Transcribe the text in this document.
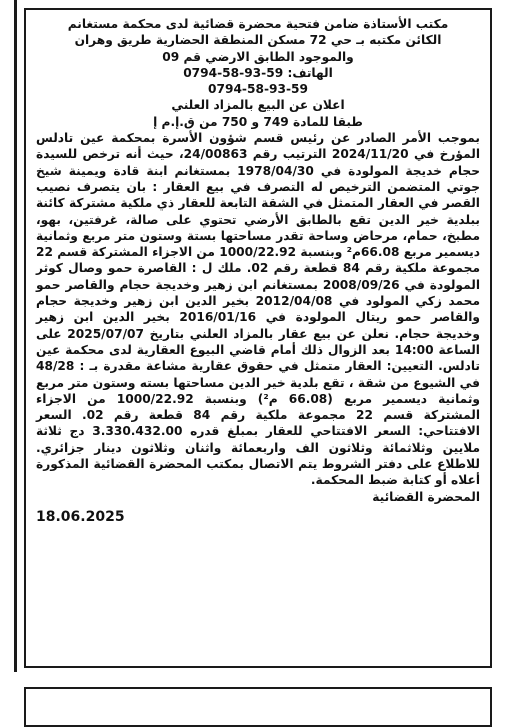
مكتب الأستاذة ضامن فتحية محضرة قضائية لدى محكمة مستغانم
الكائن مكتبه بـ حي 72 مسكن المنطقة الحضارية طريق وهران
والموجود الطابق الارضي قم 09
الهاتف: 59-93-58-0794
0794-58-93-59
اعلان عن البيع بالمزاد العلني
طبقا للمادة 749 و 750 من ق.إ.م إ

بموجب الأمر الصادر عن رئيس قسم شؤون الأسرة بمحكمة عين تادلس المؤرخ في 2024/11/20 الترتيب رقم 24/00863، حيث أنه ترخص للسيدة حجام خديجة المولودة في 1978/04/30 بمستغانم ابنة قادة ويمينة شيخ جوتي المتضمن الترخيص له التصرف في بيع العقار : بان يتصرف نصيب القصر في العقار المتمثل في الشقة التابعة للعقار ذي ملكية مشتركة كائنة ببلدية خير الدين تقع بالطابق الأرضي تحتوي على صالة، غرفتين، بهو، مطبخ، حمام، مرحاض وساحة تقدر مساحتها بستة وستون متر مربع وثمانية ديسمير مربع 66.08م² وبنسبة 1000/22.92 من الاجزاء المشتركة قسم 22 مجموعة ملكية رقم 84 قطعة رقم 02. ملك ل : القاصرة حمو وصال كوثر المولودة في 2008/09/26 بمستغانم ابن زهير وخديجة حجام والقاصر حمو محمد زكي المولود في 2012/04/08 بخير الدين ابن زهير وخديجة حجام والقاصر حمو ريتال المولودة في 2016/01/16 بخير الدين ابن زهير وخديجة حجام. نعلن عن بيع عقار بالمزاد العلني بتاريخ 2025/07/07 على الساعة 14:00 بعد الزوال ذلك أمام قاضي البيوع العقارية لدى محكمة عين تادلس. التعيين: العقار متمثل في حقوق عقارية مشاعة مقدرة بـ : 48/28 في الشيوع من شقة ، تقع بلدية خير الدين مساحتها بسته وستون متر مربع وثمانية ديسمير مربع (66.08 م²) وبنسبة 1000/22.92 من الاجزاء المشتركة قسم 22 مجموعة ملكية رقم 84 قطعة رقم 02. السعر الافتتاحي: السعر الافتتاحي للعقار بمبلغ قدره 3.330.432.00 دج ثلاثة ملايين وثلاثمائة وثلاثون الف واربعمائة واثنان وثلاثون دينار جزائري. للاطلاع على دفتر الشروط يتم الاتصال بمكتب المحضرة القضائية المذكورة أعلاه أو كتابة ضبط المحكمة.

المحضرة القضائية
18.06.2025
